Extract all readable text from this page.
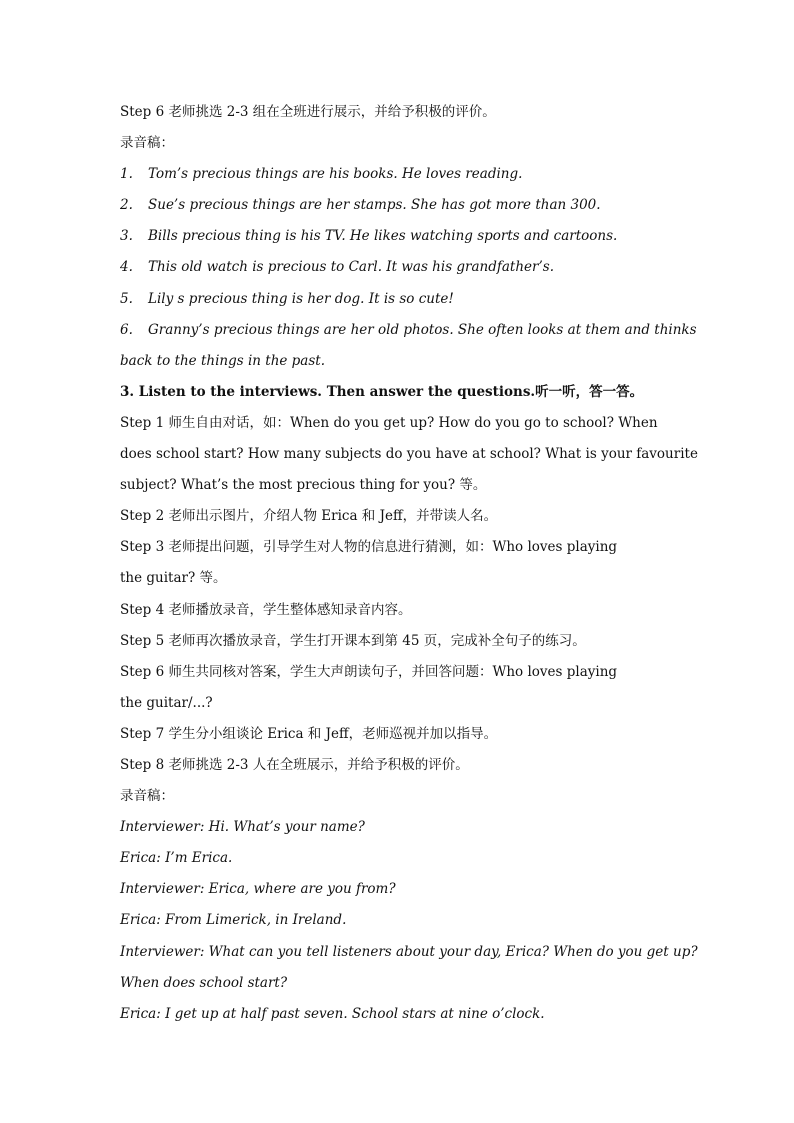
Step 6 老师挑选 2-3 组在全班进行展示，并给予积极的评价。
录音稿：
1. Tom’s precious things are his books. He loves reading.
2. Sue’s precious things are her stamps. She has got more than 300.
3. Bills precious thing is his TV. He likes watching sports and cartoons.
4. This old watch is precious to Carl. It was his grandfather’s.
5. Lily s precious thing is her dog. It is so cute!
6. Granny’s precious things are her old photos. She often looks at them and thinks
back to the things in the past.
3. Listen to the interviews. Then answer the questions.听一听，答一答。
Step 1 师生自由对话，如：When do you get up? How do you go to school? When
does school start? How many subjects do you have at school? What is your favourite
subject? What’s the most precious thing for you? 等。
Step 2 老师出示图片，介绍人物 Erica 和 Jeff，并带读人名。
Step 3 老师提出问题，引导学生对人物的信息进行猜测，如：Who loves playing
the guitar? 等。
Step 4 老师播放录音，学生整体感知录音内容。
Step 5 老师再次播放录音，学生打开课本到第 45 页，完成补全句子的练习。
Step 6 师生共同核对答案，学生大声朗读句子，并回答问题：Who loves playing
the guitar/...?
Step 7 学生分小组谈论 Erica 和 Jeff，老师巡视并加以指导。
Step 8 老师挑选 2-3 人在全班展示，并给予积极的评价。
录音稿：
Interviewer: Hi. What’s your name?
Erica: I’m Erica.
Interviewer: Erica, where are you from?
Erica: From Limerick, in Ireland.
Interviewer: What can you tell listeners about your day, Erica? When do you get up?
When does school start?
Erica: I get up at half past seven. School stars at nine o’clock.
